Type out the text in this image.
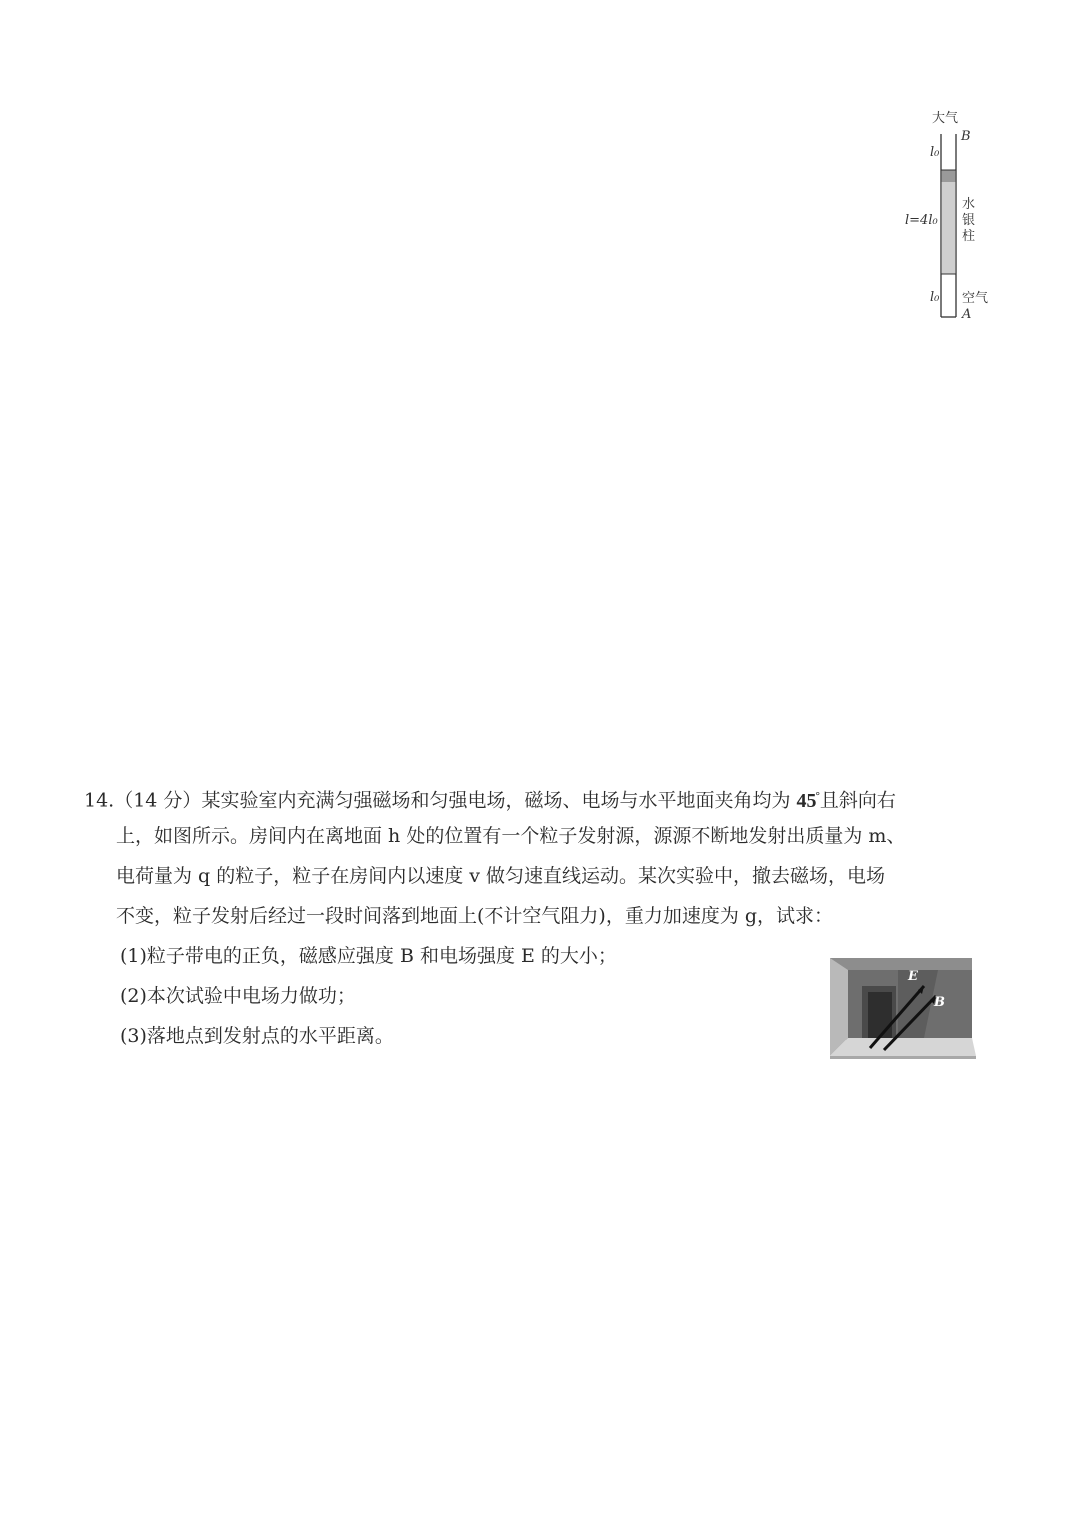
大气
B
l₀
l=4l₀
水
银
柱
l₀ 空气
A
14.（14 分）某实验室内充满匀强磁场和匀强电场，磁场、电场与水平地面夹角均为 45°且斜向右
上，如图所示。房间内在离地面 h 处的位置有一个粒子发射源，源源不断地发射出质量为 m、
电荷量为 q 的粒子，粒子在房间内以速度 v 做匀速直线运动。某次实验中，撤去磁场，电场
不变，粒子发射后经过一段时间落到地面上(不计空气阻力)，重力加速度为 g，试求：
(1)粒子带电的正负，磁感应强度 B 和电场强度 E 的大小；
(2)本次试验中电场力做功；
(3)落地点到发射点的水平距离。
E
B
